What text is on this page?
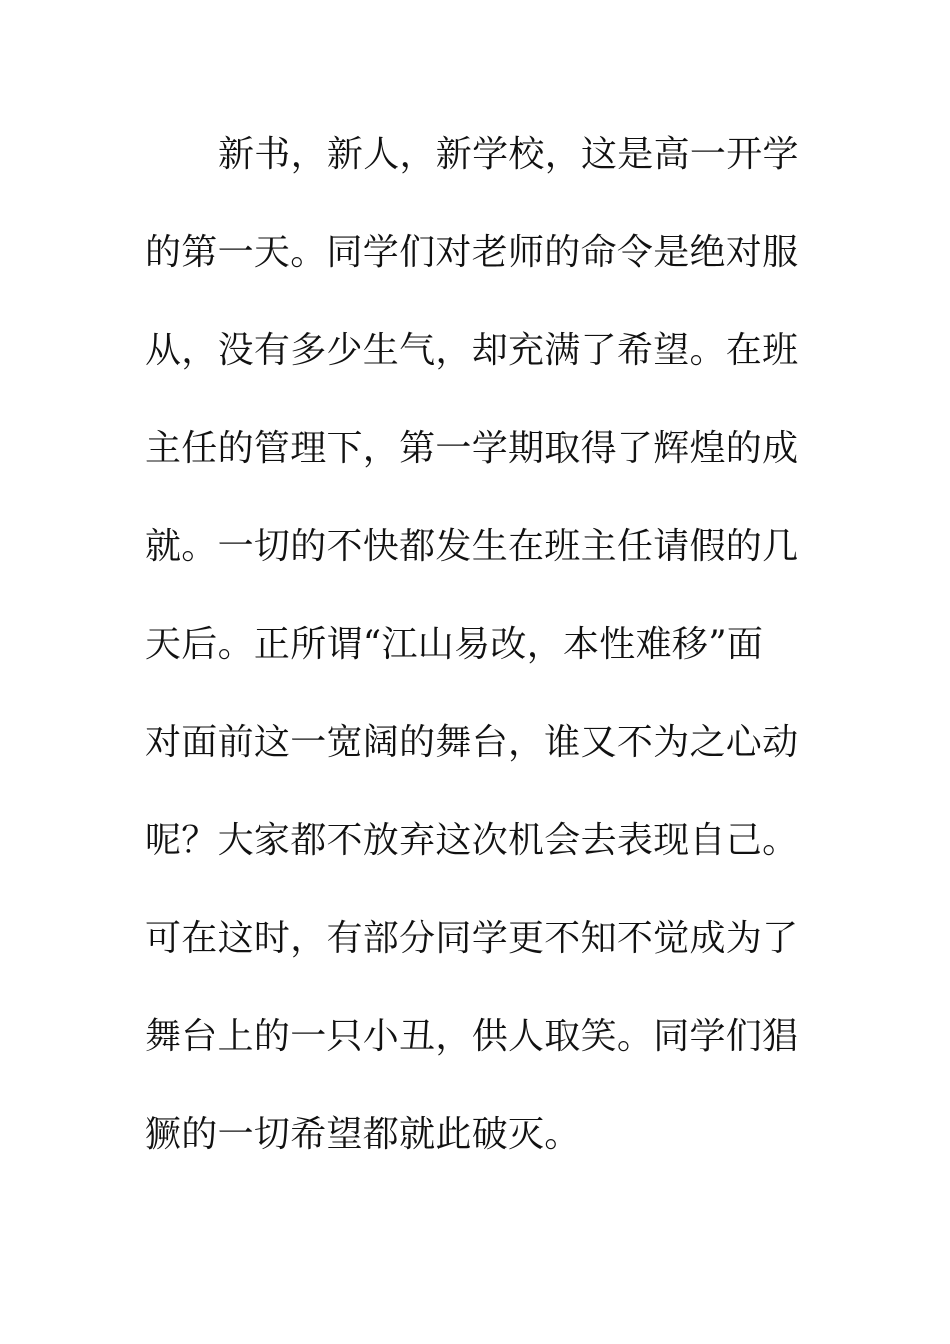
新书，新人，新学校，这是高一开学
的第一天。同学们对老师的命令是绝对服
从，没有多少生气，却充满了希望。在班
主任的管理下，第一学期取得了辉煌的成
就。一切的不快都发生在班主任请假的几
天后。正所谓“江山易改，本性难移”面
对面前这一宽阔的舞台，谁又不为之心动
呢？大家都不放弃这次机会去表现自己。
可在这时，有部分同学更不知不觉成为了
舞台上的一只小丑，供人取笑。同学们猖
獗的一切希望都就此破灭。
